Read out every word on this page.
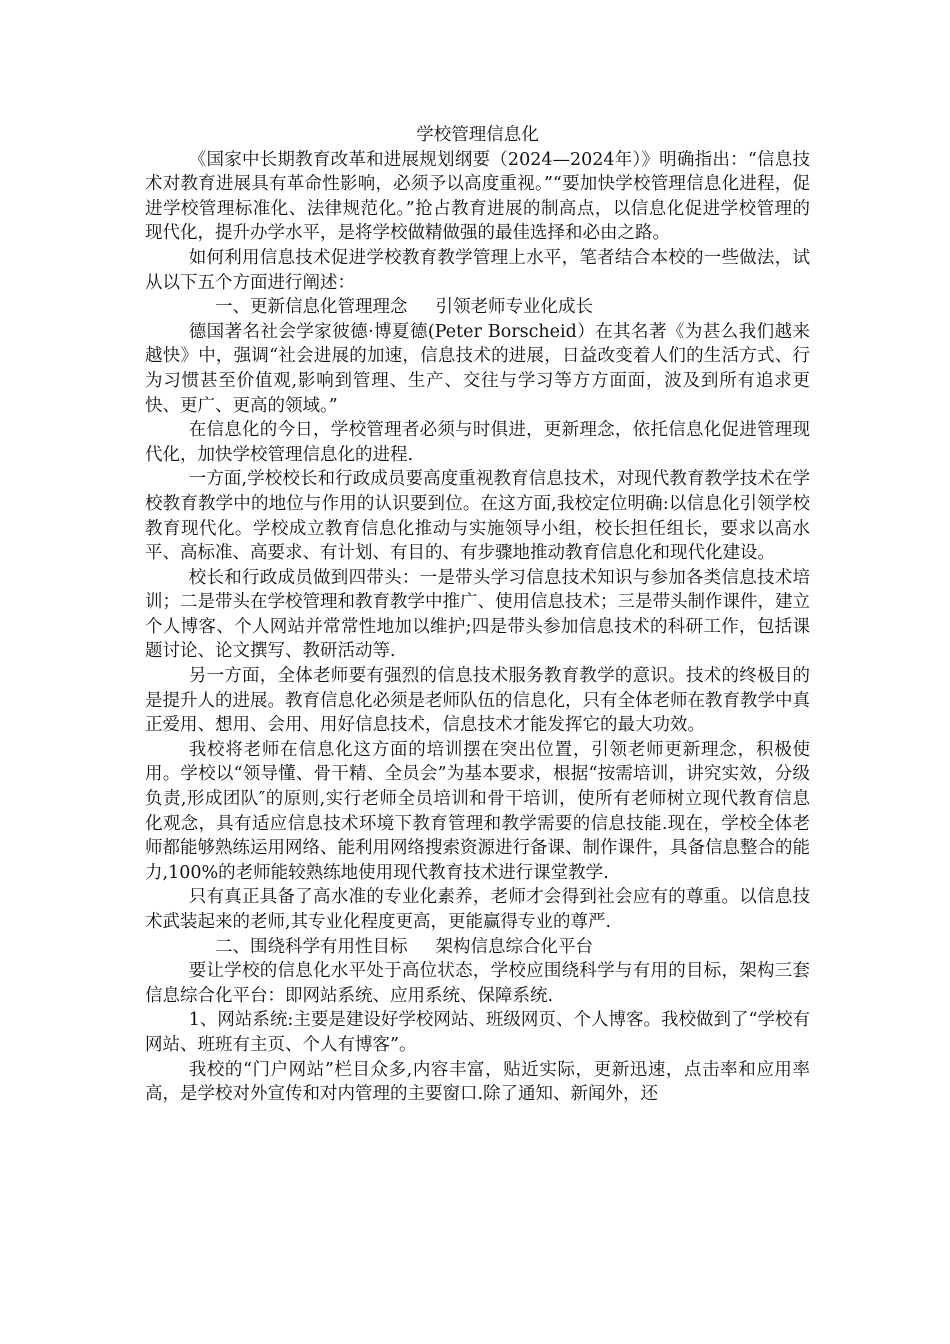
学校管理信息化

《国家中长期教育改革和进展规划纲要（2024—2024年）》明确指出：“信息技术对教育进展具有革命性影响，必须予以高度重视。”“要加快学校管理信息化进程，促进学校管理标准化、法律规范化。”抢占教育进展的制高点，以信息化促进学校管理的现代化，提升办学水平，是将学校做精做强的最佳选择和必由之路。

如何利用信息技术促进学校教育教学管理上水平，笔者结合本校的一些做法，试从以下五个方面进行阐述：

一、更新信息化管理理念 引领老师专业化成长

德国著名社会学家彼德·博夏德(Peter Borscheid）在其名著《为甚么我们越来越快》中，强调“社会进展的加速，信息技术的进展，日益改变着人们的生活方式、行为习惯甚至价值观,影响到管理、生产、交往与学习等方方面面，波及到所有追求更快、更广、更高的领域。”

在信息化的今日，学校管理者必须与时俱进，更新理念，依托信息化促进管理现代化，加快学校管理信息化的进程.

一方面,学校校长和行政成员要高度重视教育信息技术，对现代教育教学技术在学校教育教学中的地位与作用的认识要到位。在这方面,我校定位明确:以信息化引领学校教育现代化。学校成立教育信息化推动与实施领导小组，校长担任组长，要求以高水平、高标准、高要求、有计划、有目的、有步骤地推动教育信息化和现代化建设。

校长和行政成员做到四带头：一是带头学习信息技术知识与参加各类信息技术培训；二是带头在学校管理和教育教学中推广、使用信息技术；三是带头制作课件，建立个人博客、个人网站并常常性地加以维护;四是带头参加信息技术的科研工作，包括课题讨论、论文撰写、教研活动等.

另一方面，全体老师要有强烈的信息技术服务教育教学的意识。技术的终极目的是提升人的进展。教育信息化必须是老师队伍的信息化，只有全体老师在教育教学中真正爱用、想用、会用、用好信息技术，信息技术才能发挥它的最大功效。

我校将老师在信息化这方面的培训摆在突出位置，引领老师更新理念，积极使用。学校以“领导懂、骨干精、全员会”为基本要求，根据“按需培训，讲究实效，分级负责,形成团队″的原则,实行老师全员培训和骨干培训，使所有老师树立现代教育信息化观念，具有适应信息技术环境下教育管理和教学需要的信息技能.现在，学校全体老师都能够熟练运用网络、能利用网络搜索资源进行备课、制作课件，具备信息整合的能力,100%的老师能较熟练地使用现代教育技术进行课堂教学.

只有真正具备了高水准的专业化素养，老师才会得到社会应有的尊重。以信息技术武装起来的老师,其专业化程度更高，更能赢得专业的尊严.

二、围绕科学有用性目标 架构信息综合化平台

要让学校的信息化水平处于高位状态，学校应围绕科学与有用的目标，架构三套信息综合化平台：即网站系统、应用系统、保障系统.

1、网站系统:主要是建设好学校网站、班级网页、个人博客。我校做到了“学校有网站、班班有主页、个人有博客”。

我校的“门户网站”栏目众多,内容丰富，贴近实际，更新迅速，点击率和应用率高，是学校对外宣传和对内管理的主要窗口.除了通知、新闻外，还
